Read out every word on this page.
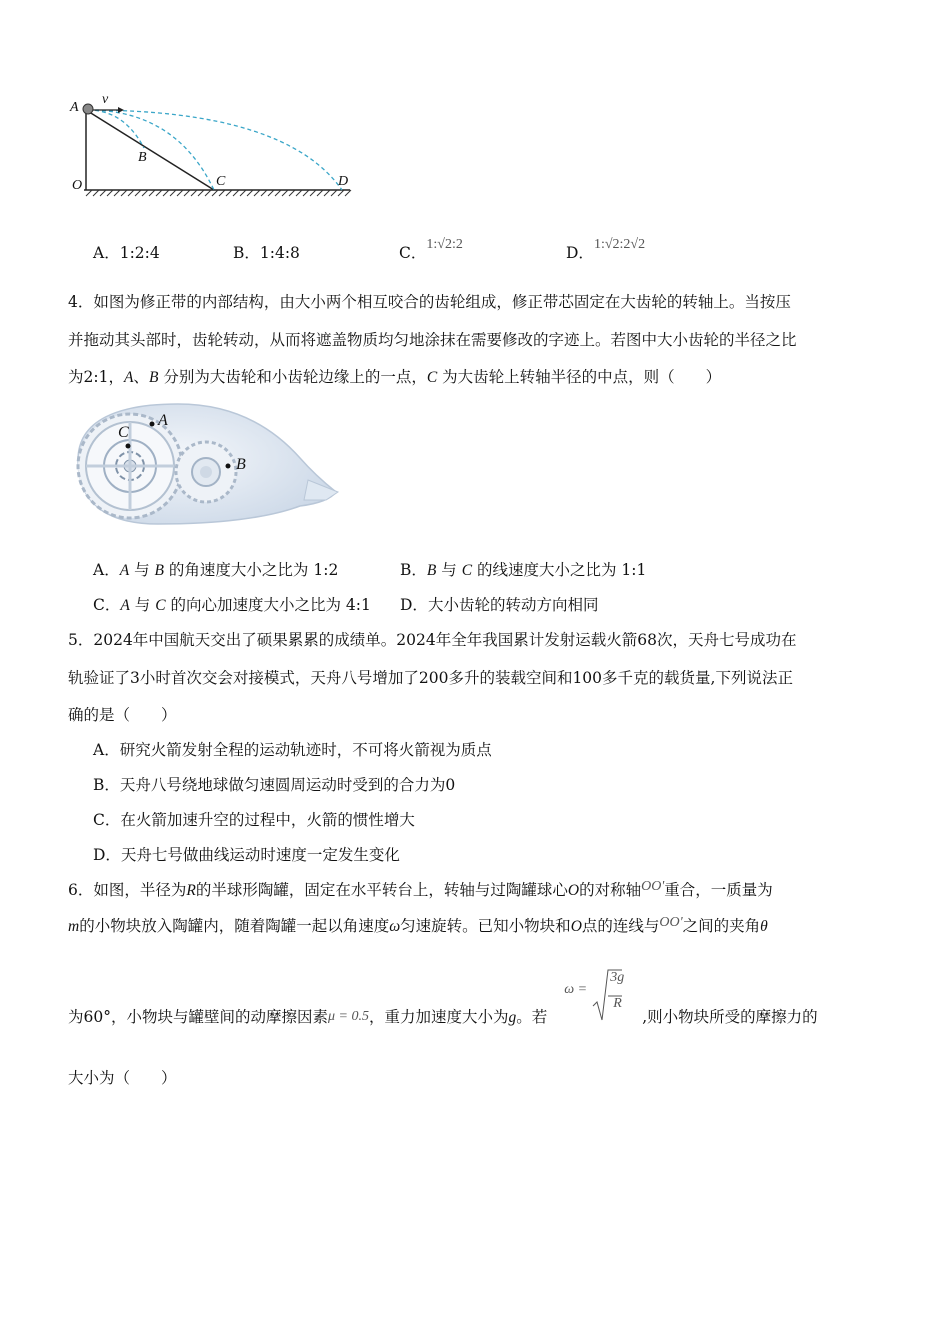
A
v
B
C
O	D
A．1:2:4	B．1:4:8	C．1:√2:2	D．1:√2:2√2
4．如图为修正带的内部结构，由大小两个相互咬合的齿轮组成，修正带芯固定在大齿轮的转轴上。当按压
并拖动其头部时，齿轮转动，从而将遮盖物质均匀地涂抹在需要修改的字迹上。若图中大小齿轮的半径之比
为2:1，A、B 分别为大齿轮和小齿轮边缘上的一点，C 为大齿轮上转轴半径的中点，则（　　）
A
C
B
A．A 与 B 的角速度大小之比为 1:2	B．B 与 C 的线速度大小之比为 1:1
C．A 与 C 的向心加速度大小之比为 4:1 D．大小齿轮的转动方向相同
5．2024年中国航天交出了硕果累累的成绩单。2024年全年我国累计发射运载火箭68次，天舟七号成功在
轨验证了3小时首次交会对接模式，天舟八号增加了200多升的装载空间和100多千克的载货量,下列说法正
确的是（　　）
A．研究火箭发射全程的运动轨迹时，不可将火箭视为质点
B．天舟八号绕地球做匀速圆周运动时受到的合力为0
C．在火箭加速升空的过程中，火箭的惯性增大
D．天舟七号做曲线运动时速度一定发生变化
6．如图，半径为R的半球形陶罐，固定在水平转台上，转轴与过陶罐球心O的对称轴OO'重合，一质量为
m的小物块放入陶罐内，随着陶罐一起以角速度ω匀速旋转。已知小物块和O点的连线与OO'之间的夹角θ
为60°，小物块与罐壁间的动摩擦因素μ = 0.5，重力加速度大小为g。若
ω =
3g
R
,则小物块所受的摩擦力的
大小为（　　）
